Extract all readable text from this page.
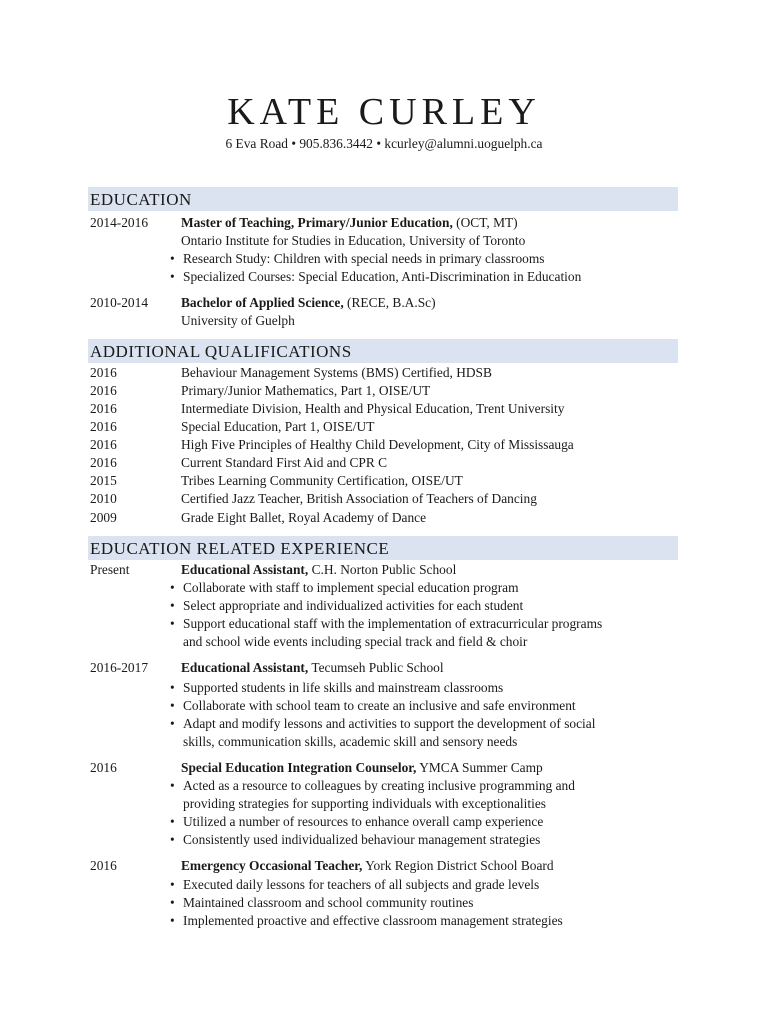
KATE CURLEY
6 Eva Road • 905.836.3442 • kcurley@alumni.uoguelph.ca
EDUCATION
2014-2016 Master of Teaching, Primary/Junior Education, (OCT, MT)
Ontario Institute for Studies in Education, University of Toronto
• Research Study: Children with special needs in primary classrooms
• Specialized Courses: Special Education, Anti-Discrimination in Education
2010-2014 Bachelor of Applied Science, (RECE, B.A.Sc)
University of Guelph
ADDITIONAL QUALIFICATIONS
2016	Behaviour Management Systems (BMS) Certified, HDSB
2016	Primary/Junior Mathematics, Part 1, OISE/UT
2016	Intermediate Division, Health and Physical Education, Trent University
2016	Special Education, Part 1, OISE/UT
2016	High Five Principles of Healthy Child Development, City of Mississauga
2016	Current Standard First Aid and CPR C
2015	Tribes Learning Community Certification, OISE/UT
2010	Certified Jazz Teacher, British Association of Teachers of Dancing
2009	Grade Eight Ballet, Royal Academy of Dance
EDUCATION RELATED EXPERIENCE
Present	Educational Assistant, C.H. Norton Public School
• Collaborate with staff to implement special education program
• Select appropriate and individualized activities for each student
• Support educational staff with the implementation of extracurricular programs
and school wide events including special track and field & choir
2016-2017 Educational Assistant, Tecumseh Public School
• Supported students in life skills and mainstream classrooms
• Collaborate with school team to create an inclusive and safe environment
• Adapt and modify lessons and activities to support the development of social
skills, communication skills, academic skill and sensory needs
2016	Special Education Integration Counselor, YMCA Summer Camp
• Acted as a resource to colleagues by creating inclusive programming and
providing strategies for supporting individuals with exceptionalities
• Utilized a number of resources to enhance overall camp experience
• Consistently used individualized behaviour management strategies
2016	Emergency Occasional Teacher, York Region District School Board
• Executed daily lessons for teachers of all subjects and grade levels
• Maintained classroom and school community routines
• Implemented proactive and effective classroom management strategies
